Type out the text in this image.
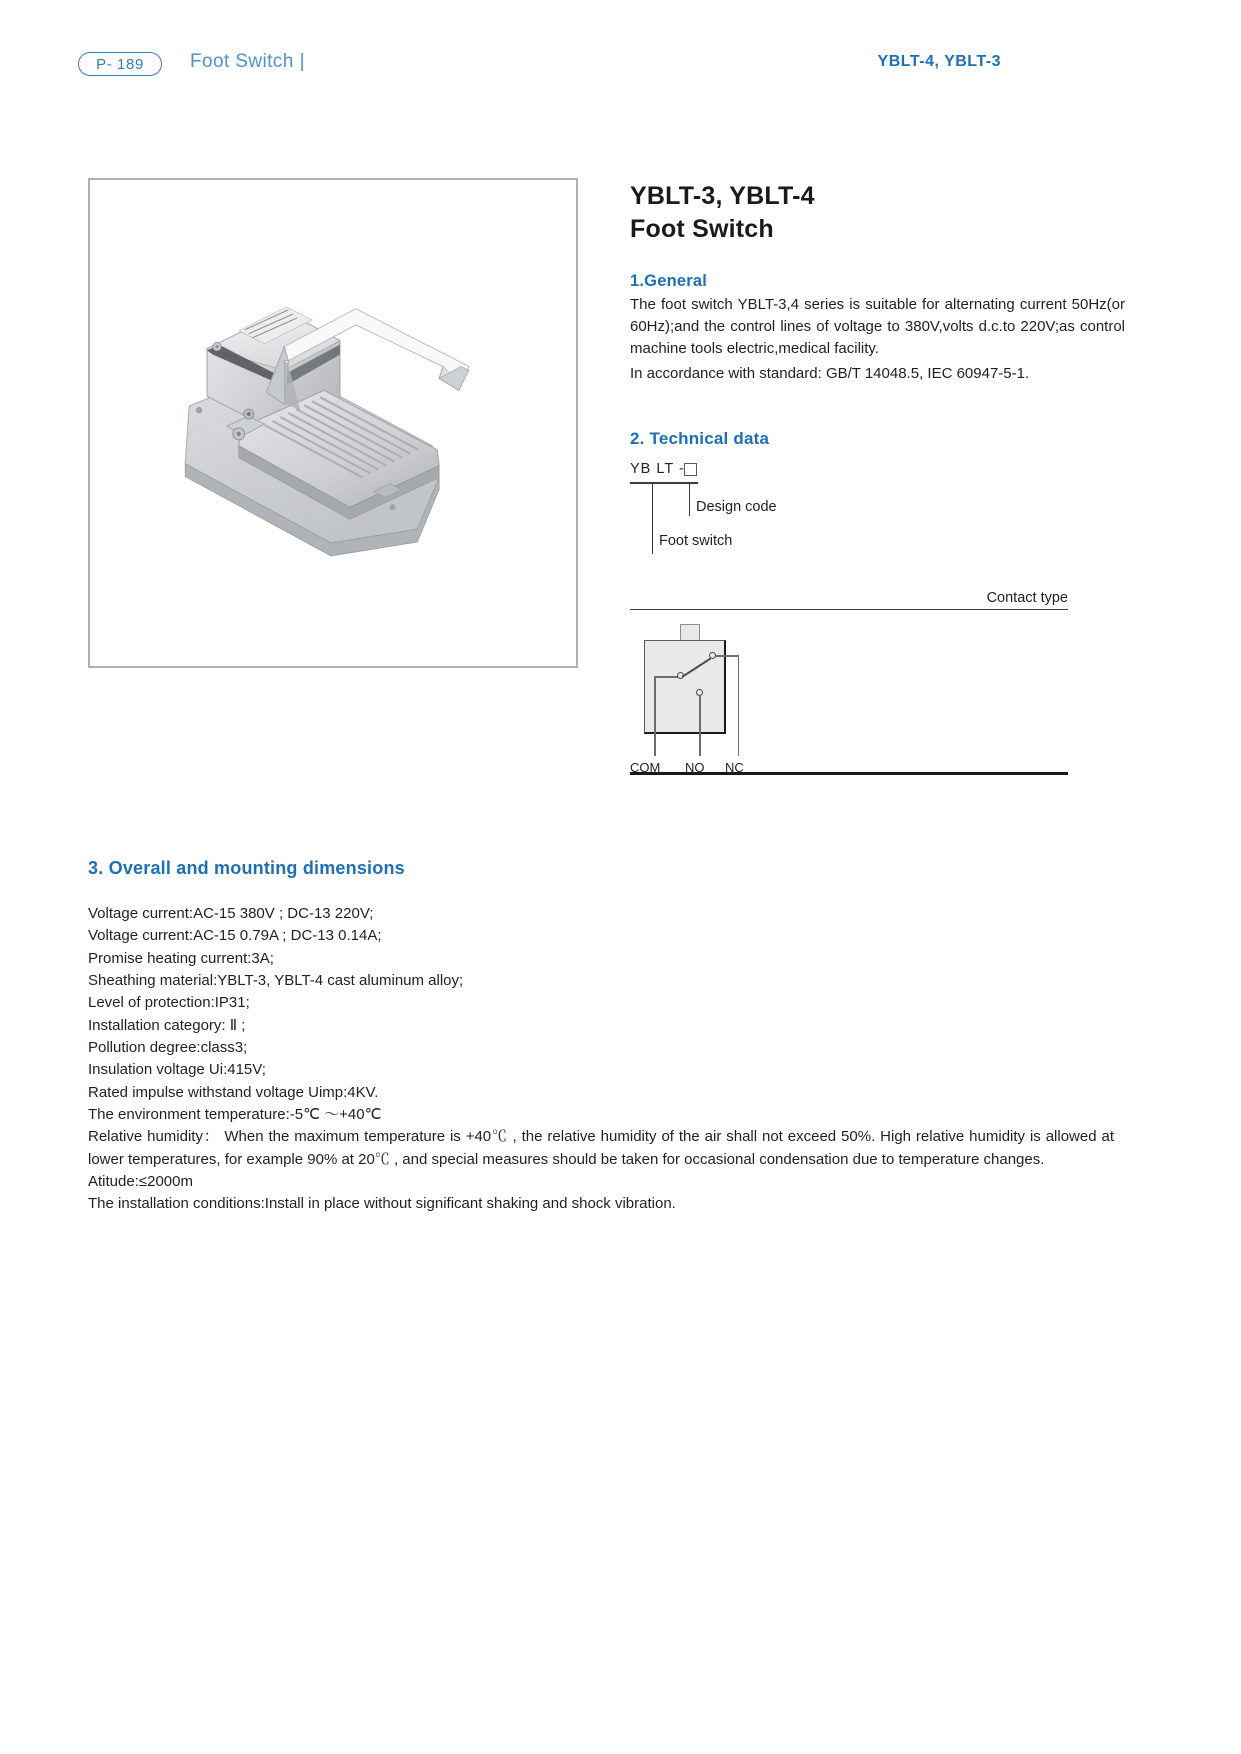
P- 189 Foot Switch |	YBLT-4, YBLT-3
YBLT-3, YBLT-4
Foot Switch
1.General
The foot switch YBLT-3,4 series is suitable for alternating current 50Hz(or 60Hz);and the control lines of voltage to 380V,volts d.c.to 220V;as control machine tools electric,medical facility.
In accordance with standard: GB/T 14048.5, IEC 60947-5-1.
2. Technical data
YB LT -
Design code
Foot switch
Contact type
COM NO NC
3. Overall and mounting dimensions
Voltage current:AC-15 380V ; DC-13 220V;
Voltage current:AC-15 0.79A ; DC-13 0.14A;
Promise heating current:3A;
Sheathing material:YBLT-3, YBLT-4 cast aluminum alloy;
Level of protection:IP31;
Installation category: Ⅱ ;
Pollution degree:class3;
Insulation voltage Ui:415V;
Rated impulse withstand voltage Uimp:4KV.
The environment temperature:-5℃ ～+40℃
Relative humidity： When the maximum temperature is +40℃ , the relative humidity of the air shall not exceed 50%. High relative humidity is allowed at lower temperatures, for example 90% at 20℃ , and special measures should be taken for occasional condensation due to temperature changes.
Atitude:≤2000m
The installation conditions:Install in place without significant shaking and shock vibration.
